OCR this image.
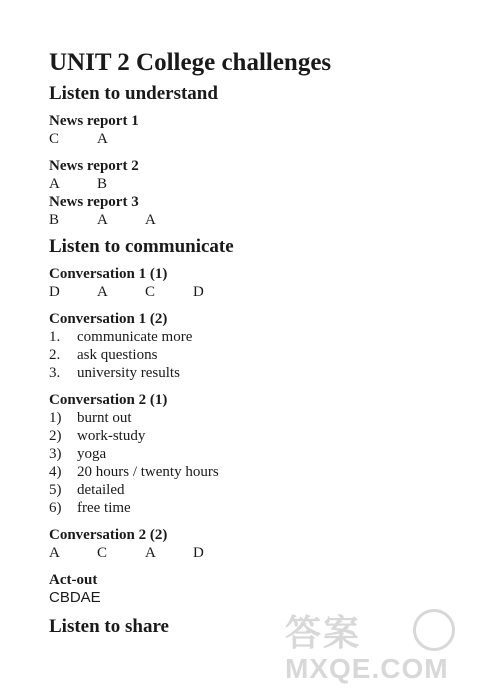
UNIT 2 College challenges
Listen to understand
News report 1
C	A
News report 2
A B
News report 3
B	A A
Listen to communicate
Conversation 1 (1)
D A C	D
Conversation 1 (2)
1. communicate more
2. ask questions
3. university results
Conversation 2 (1)
1) burnt out
2) work-study
3) yoga
4) 20 hours / twenty hours
5) detailed
6) free time
Conversation 2 (2)
A C	A D
Act-out
CBDAE
Listen to share	答案
MXQE.COM
